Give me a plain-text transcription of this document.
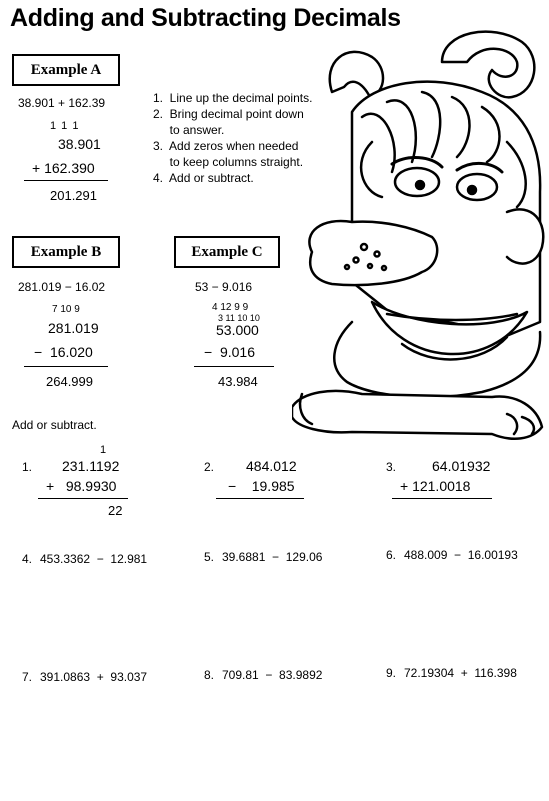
Adding and Subtracting Decimals
Example A
38.901 + 162.39
1 1 1
38.901
+ 162.390
201.291
1.  Line up the decimal points.
2.  Bring decimal point down
to answer.
3.  Add zeros when needed
to keep columns straight.
4.  Add or subtract.
Example B
281.019 − 16.02
7 10 9
281.019
−  16.020
264.999
Example C
53 − 9.016
4 12 9 9
3 11 10 10
53.000
−  9.016
43.984
Add or subtract.
1.
1
231.1192
+   98.9930
22
2. 484.012
−    19.985
3.	64.01932
+ 121.0018
4. 453.3362  −  12.981	5. 39.6881  −  129.06	6. 488.009  −  16.00193
7. 391.0863  +  93.037	8. 709.81  −  83.9892	9. 72.19304  +  116.398
